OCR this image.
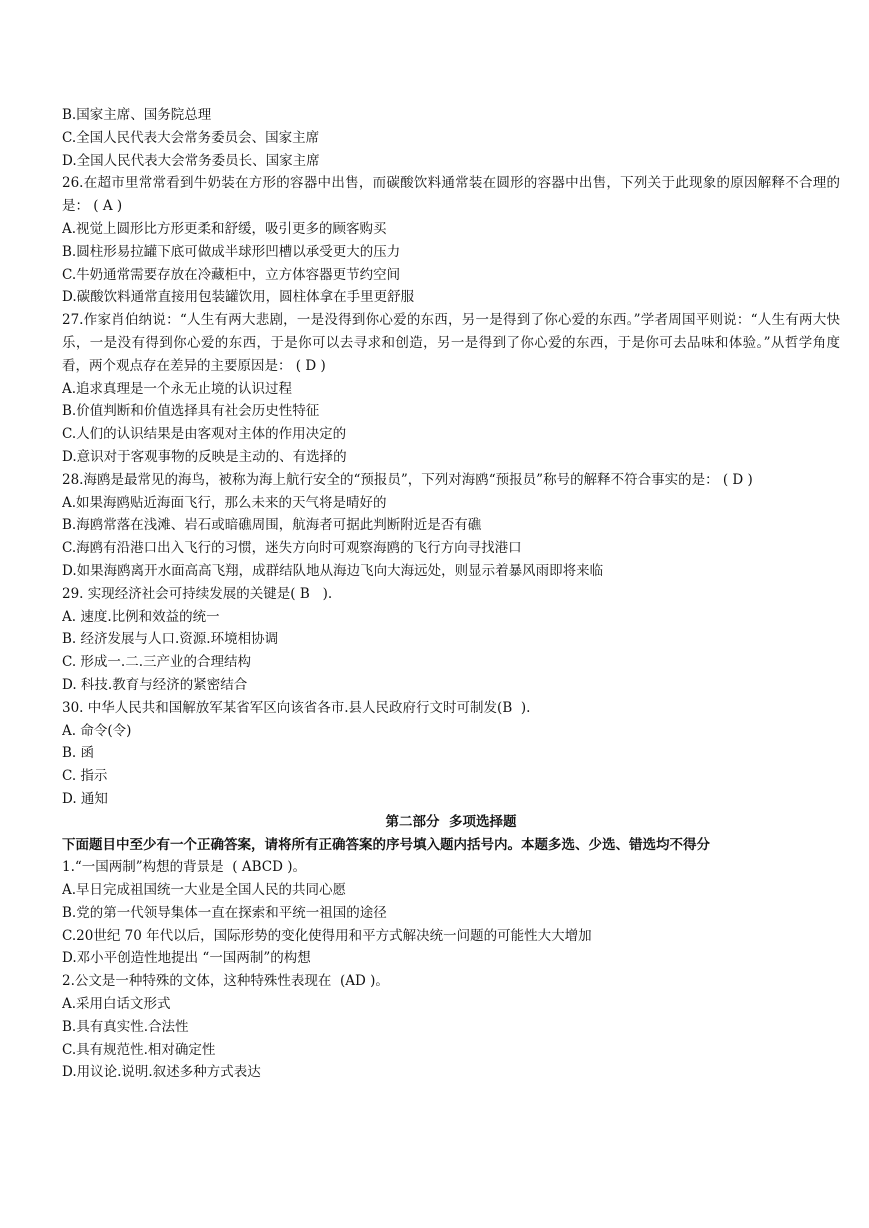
B.国家主席、国务院总理
C.全国人民代表大会常务委员会、国家主席
D.全国人民代表大会常务委员长、国家主席
26.在超市里常常看到牛奶装在方形的容器中出售，而碳酸饮料通常装在圆形的容器中出售，下列关于此现象的原因解释不合理的是： ( A )
A.视觉上圆形比方形更柔和舒缓，吸引更多的顾客购买
B.圆柱形易拉罐下底可做成半球形凹槽以承受更大的压力
C.牛奶通常需要存放在冷藏柜中，立方体容器更节约空间
D.碳酸饮料通常直接用包装罐饮用，圆柱体拿在手里更舒服
27.作家肖伯纳说：“人生有两大悲剧，一是没得到你心爱的东西，另一是得到了你心爱的东西。”学者周国平则说：“人生有两大快乐，一是没有得到你心爱的东西，于是你可以去寻求和创造，另一是得到了你心爱的东西，于是你可去品味和体验。”从哲学角度看，两个观点存在差异的主要原因是： ( D )
A.追求真理是一个永无止境的认识过程
B.价值判断和价值选择具有社会历史性特征
C.人们的认识结果是由客观对主体的作用决定的
D.意识对于客观事物的反映是主动的、有选择的
28.海鸥是最常见的海鸟，被称为海上航行安全的“预报员”，下列对海鸥“预报员”称号的解释不符合事实的是： ( D )
A.如果海鸥贴近海面飞行，那么未来的天气将是晴好的
B.海鸥常落在浅滩、岩石或暗礁周围，航海者可据此判断附近是否有礁
C.海鸥有沿港口出入飞行的习惯，迷失方向时可观察海鸥的飞行方向寻找港口
D.如果海鸥离开水面高高飞翔，成群结队地从海边飞向大海远处，则显示着暴风雨即将来临
29. 实现经济社会可持续发展的关键是( B   ).
A. 速度.比例和效益的统一
B. 经济发展与人口.资源.环境相协调
C. 形成一.二.三产业的合理结构
D. 科技.教育与经济的紧密结合
30. 中华人民共和国解放军某省军区向该省各市.县人民政府行文时可制发(B  ).
A. 命令(令)
B. 函
C. 指示
D. 通知
第二部分  多项选择题
下面题目中至少有一个正确答案，请将所有正确答案的序号填入题内括号内。本题多选、少选、错选均不得分
1.“一国两制”构想的背景是  ( ABCD )。
A.早日完成祖国统一大业是全国人民的共同心愿
B.党的第一代领导集体一直在探索和平统一祖国的途径
C.20世纪 70 年代以后，国际形势的变化使得用和平方式解决统一问题的可能性大大增加
D.邓小平创造性地提出 “一国两制”的构想
2.公文是一种特殊的文体，这种特殊性表现在  (AD )。
A.采用白话文形式
B.具有真实性.合法性
C.具有规范性.相对确定性
D.用议论.说明.叙述多种方式表达
